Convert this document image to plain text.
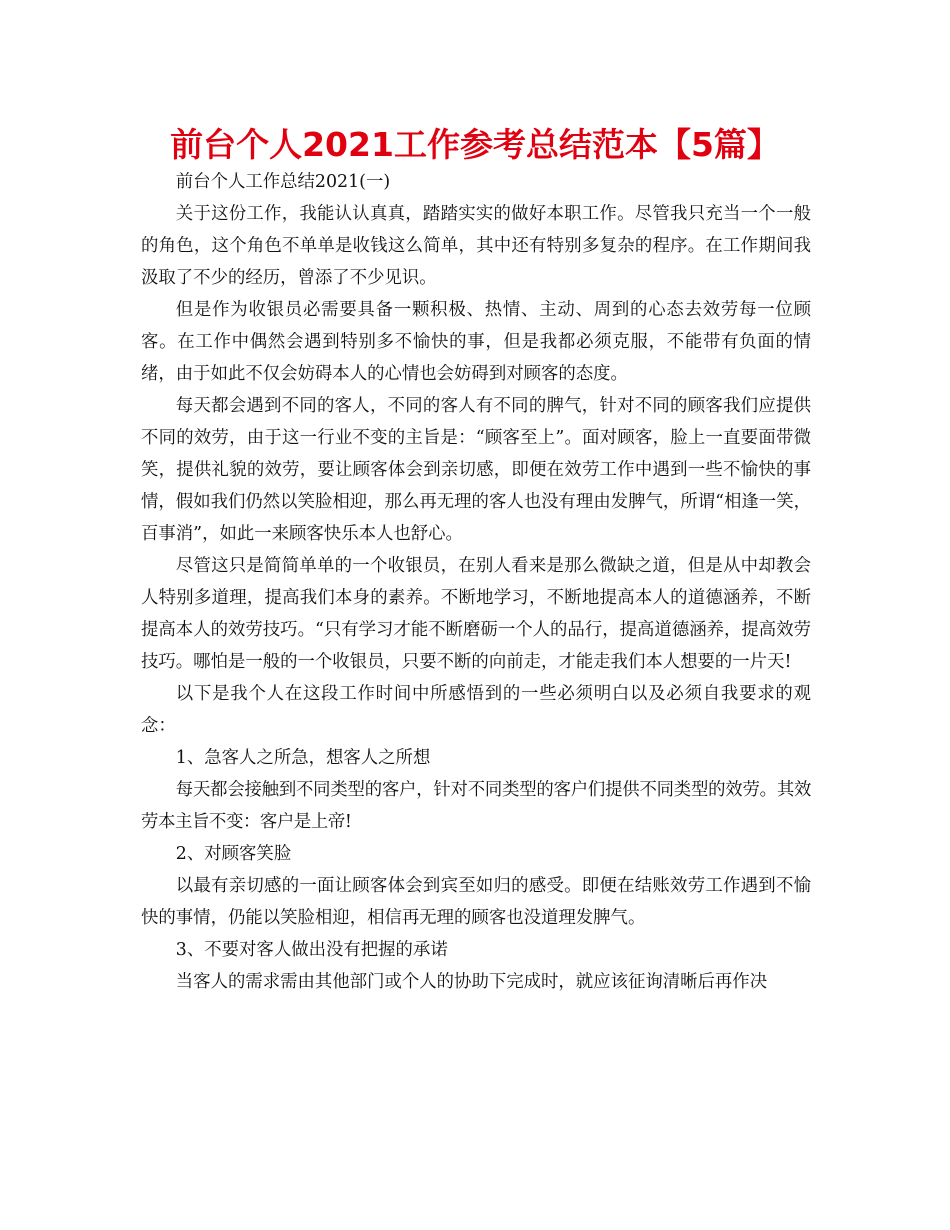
前台个人2021工作参考总结范本【5篇】

前台个人工作总结2021(一)

关于这份工作，我能认认真真，踏踏实实的做好本职工作。尽管我只充当一个一般的角色，这个角色不单单是收钱这么简单，其中还有特别多复杂的程序。在工作期间我汲取了不少的经历，曾添了不少见识。

但是作为收银员必需要具备一颗积极、热情、主动、周到的心态去效劳每一位顾客。在工作中偶然会遇到特别多不愉快的事，但是我都必须克服，不能带有负面的情绪，由于如此不仅会妨碍本人的心情也会妨碍到对顾客的态度。

每天都会遇到不同的客人，不同的客人有不同的脾气，针对不同的顾客我们应提供不同的效劳，由于这一行业不变的主旨是：“顾客至上”。面对顾客，脸上一直要面带微笑，提供礼貌的效劳，要让顾客体会到亲切感，即便在效劳工作中遇到一些不愉快的事情，假如我们仍然以笑脸相迎，那么再无理的客人也没有理由发脾气，所谓“相逢一笑，百事消”，如此一来顾客快乐本人也舒心。

尽管这只是简简单单的一个收银员，在别人看来是那么微缺之道，但是从中却教会人特别多道理，提高我们本身的素养。不断地学习，不断地提高本人的道德涵养，不断提高本人的效劳技巧。“只有学习才能不断磨砺一个人的品行，提高道德涵养，提高效劳技巧。哪怕是一般的一个收银员，只要不断的向前走，才能走我们本人想要的一片天!

以下是我个人在这段工作时间中所感悟到的一些必须明白以及必须自我要求的观念：

1、急客人之所急，想客人之所想

每天都会接触到不同类型的客户，针对不同类型的客户们提供不同类型的效劳。其效劳本主旨不变：客户是上帝!

2、对顾客笑脸

以最有亲切感的一面让顾客体会到宾至如归的感受。即便在结账效劳工作遇到不愉快的事情，仍能以笑脸相迎，相信再无理的顾客也没道理发脾气。

3、不要对客人做出没有把握的承诺

当客人的需求需由其他部门或个人的协助下完成时，就应该征询清晰后再作决
